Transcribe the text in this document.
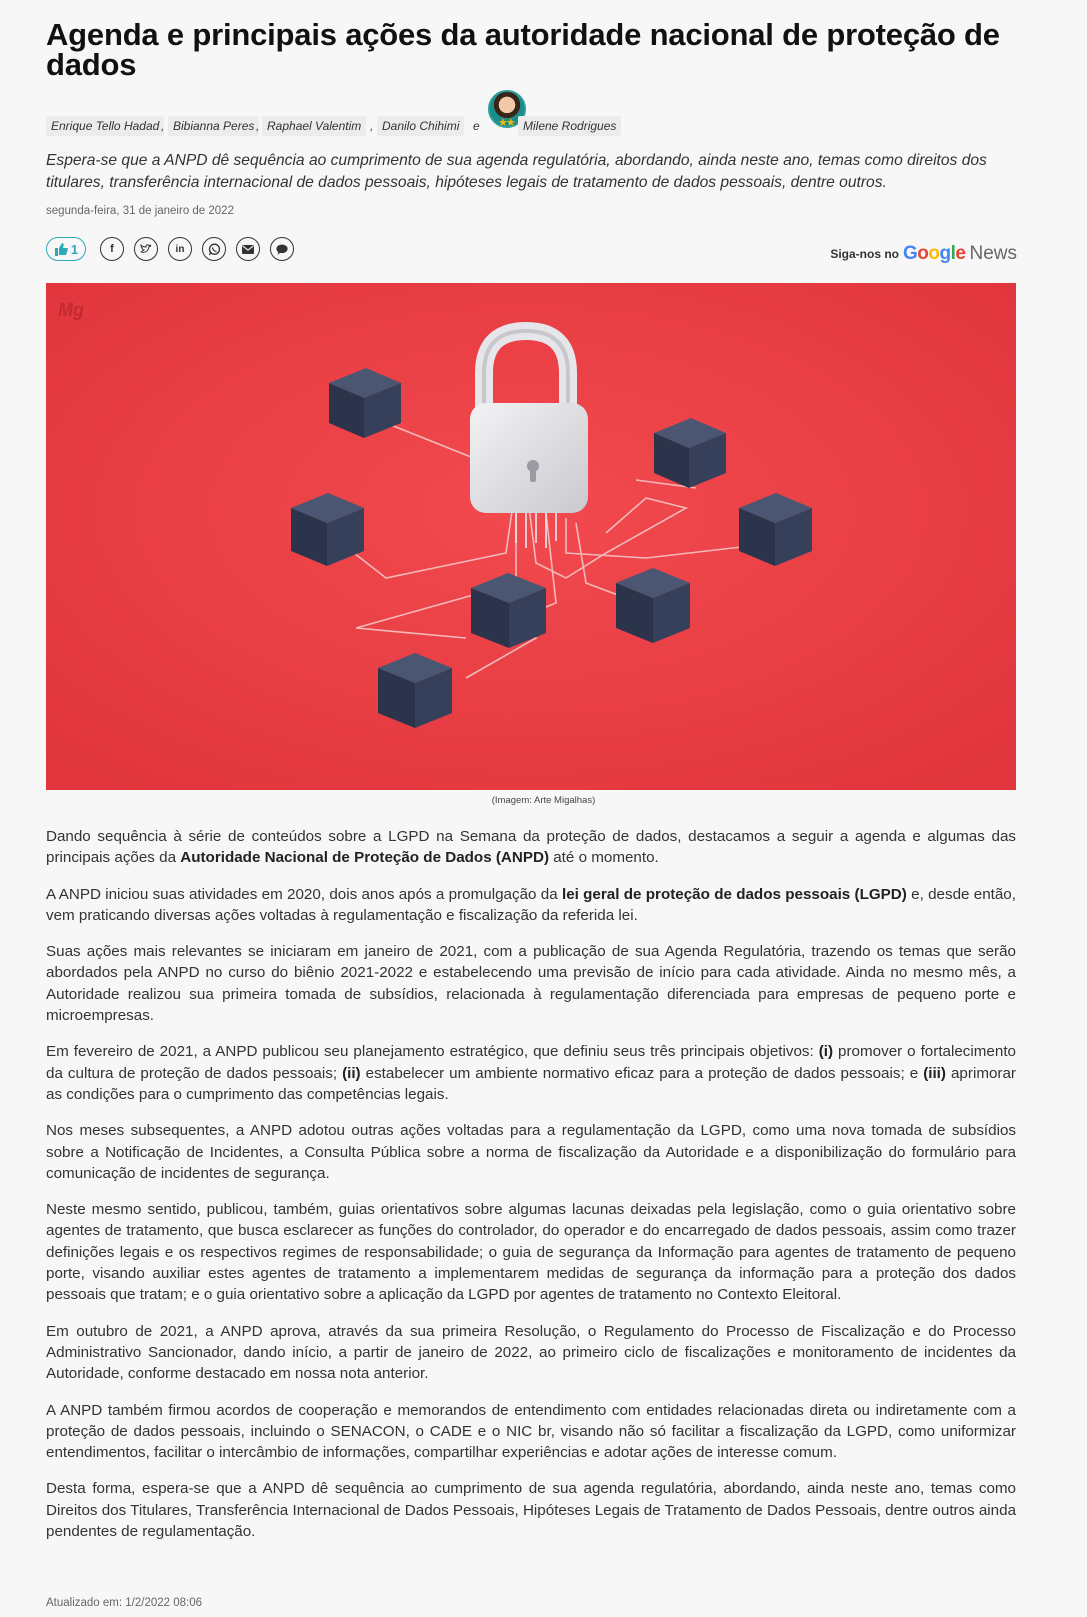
Agenda e principais ações da autoridade nacional de proteção de dados
Enrique Tello Hadad , Bibianna Peres , Raphael Valentim , Danilo Chihimi	e ★★ Milene Rodrigues
Espera-se que a ANPD dê sequência ao cumprimento de sua agenda regulatória, abordando, ainda neste ano, temas como direitos dos titulares, transferência internacional de dados pessoais, hipóteses legais de tratamento de dados pessoais, dentre outros.
segunda-feira, 31 de janeiro de 2022
1	f	in	Siga-nos no Google News
Mg
(Imagem: Arte Migalhas)

Dando sequência à série de conteúdos sobre a LGPD na Semana da proteção de dados, destacamos a seguir a agenda e algumas das principais ações da Autoridade Nacional de Proteção de Dados (ANPD) até o momento.

A ANPD iniciou suas atividades em 2020, dois anos após a promulgação da lei geral de proteção de dados pessoais (LGPD) e, desde então, vem praticando diversas ações voltadas à regulamentação e fiscalização da referida lei.

Suas ações mais relevantes se iniciaram em janeiro de 2021, com a publicação de sua Agenda Regulatória, trazendo os temas que serão abordados pela ANPD no curso do biênio 2021-2022 e estabelecendo uma previsão de início para cada atividade. Ainda no mesmo mês, a Autoridade realizou sua primeira tomada de subsídios, relacionada à regulamentação diferenciada para empresas de pequeno porte e microempresas.

Em fevereiro de 2021, a ANPD publicou seu planejamento estratégico, que definiu seus três principais objetivos: (i) promover o fortalecimento da cultura de proteção de dados pessoais; (ii) estabelecer um ambiente normativo eficaz para a proteção de dados pessoais; e (iii) aprimorar as condições para o cumprimento das competências legais.

Nos meses subsequentes, a ANPD adotou outras ações voltadas para a regulamentação da LGPD, como uma nova tomada de subsídios sobre a Notificação de Incidentes, a Consulta Pública sobre a norma de fiscalização da Autoridade e a disponibilização do formulário para comunicação de incidentes de segurança.

Neste mesmo sentido, publicou, também, guias orientativos sobre algumas lacunas deixadas pela legislação, como o guia orientativo sobre agentes de tratamento, que busca esclarecer as funções do controlador, do operador e do encarregado de dados pessoais, assim como trazer definições legais e os respectivos regimes de responsabilidade; o guia de segurança da Informação para agentes de tratamento de pequeno porte, visando auxiliar estes agentes de tratamento a implementarem medidas de segurança da informação para a proteção dos dados pessoais que tratam; e o guia orientativo sobre a aplicação da LGPD por agentes de tratamento no Contexto Eleitoral.

Em outubro de 2021, a ANPD aprova, através da sua primeira Resolução, o Regulamento do Processo de Fiscalização e do Processo Administrativo Sancionador, dando início, a partir de janeiro de 2022, ao primeiro ciclo de fiscalizações e monitoramento de incidentes da Autoridade, conforme destacado em nossa nota anterior.

A ANPD também firmou acordos de cooperação e memorandos de entendimento com entidades relacionadas direta ou indiretamente com a proteção de dados pessoais, incluindo o SENACON, o CADE e o NIC br, visando não só facilitar a fiscalização da LGPD, como uniformizar entendimentos, facilitar o intercâmbio de informações, compartilhar experiências e adotar ações de interesse comum.

Desta forma, espera-se que a ANPD dê sequência ao cumprimento de sua agenda regulatória, abordando, ainda neste ano, temas como Direitos dos Titulares, Transferência Internacional de Dados Pessoais, Hipóteses Legais de Tratamento de Dados Pessoais, dentre outros ainda pendentes de regulamentação.

Atualizado em: 1/2/2022 08:06
